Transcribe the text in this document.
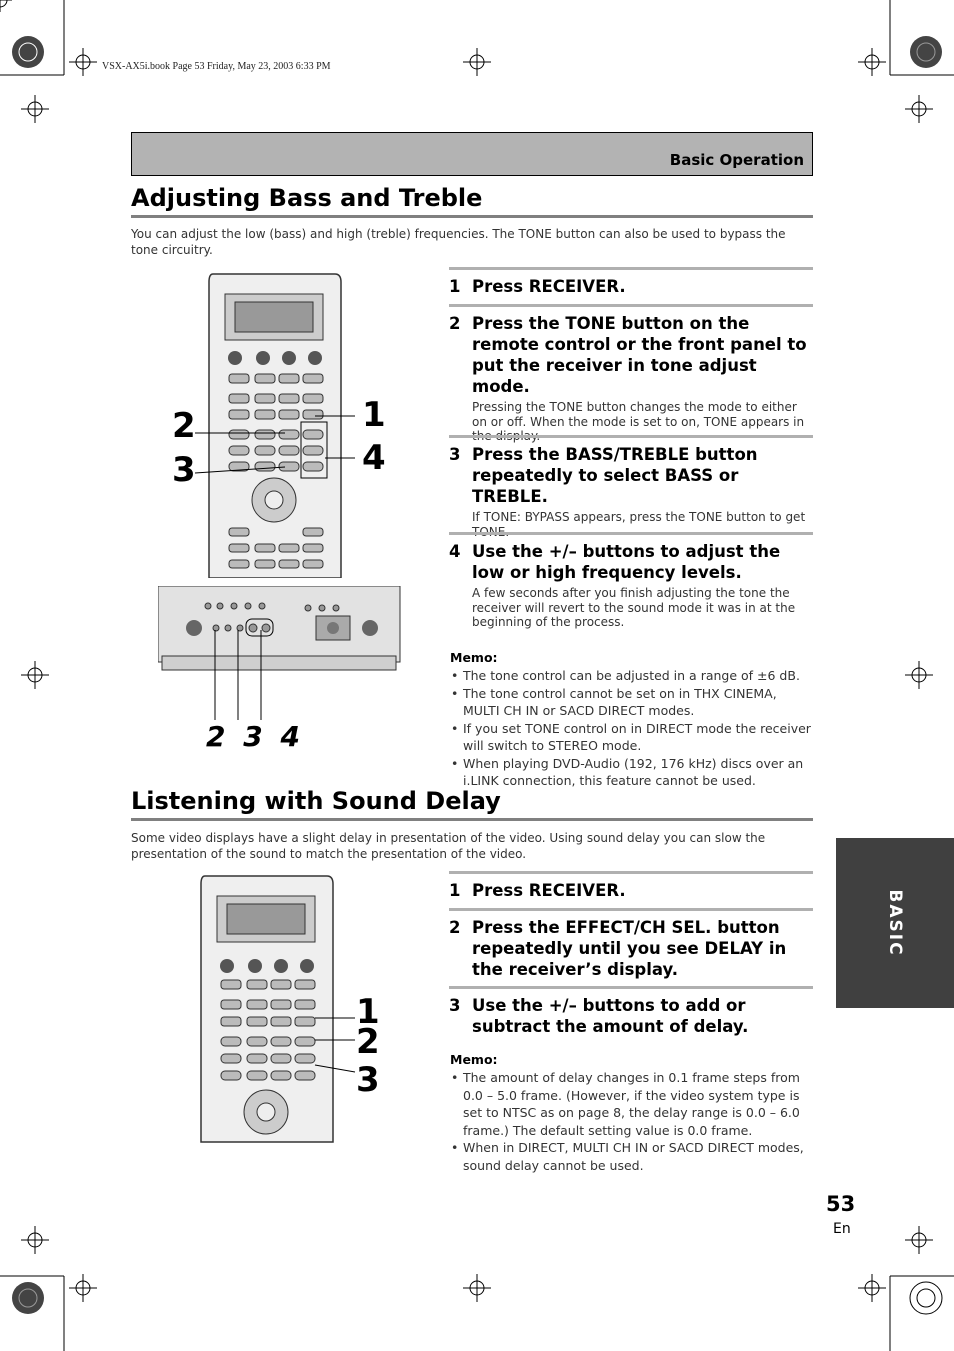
VSX-AX5i.book Page 53 Friday, May 23, 2003 6:33 PM
Basic Operation
Adjusting Bass and Treble
You can adjust the low (bass) and high (treble) frequencies. The TONE button can also be used to bypass the tone circuitry.
2
3
1
4
2 3 4
1 Press RECEIVER.
2 Press the TONE button on the remote control or the front panel to put the receiver in tone adjust mode.
Pressing the TONE button changes the mode to either on or off. When the mode is set to on, TONE appears in the display.
3 Press the BASS/TREBLE button repeatedly to select BASS or TREBLE.
If TONE: BYPASS appears, press the TONE button to get TONE.
4 Use the +/– buttons to adjust the low or high frequency levels.
A few seconds after you finish adjusting the tone the receiver will revert to the sound mode it was in at the beginning of the process.
Memo:
• The tone control can be adjusted in a range of ±6 dB.
• The tone control cannot be set on in THX CINEMA, MULTI CH IN or SACD DIRECT modes.
• If you set TONE control on in DIRECT mode the receiver will switch to STEREO mode.
• When playing DVD-Audio (192, 176 kHz) discs over an i.LINK connection, this feature cannot be used.
Listening with Sound Delay
Some video displays have a slight delay in presentation of the video. Using sound delay you can slow the presentation of the sound to match the presentation of the video.
1
2
3
1 Press RECEIVER.
2 Press the EFFECT/CH SEL. button repeatedly until you see DELAY in the receiver’s display.
3 Use the +/– buttons to add or subtract the amount of delay.
Memo:
• The amount of delay changes in 0.1 frame steps from 0.0 – 5.0 frame. (However, if the video system type is set to NTSC as on page 8, the delay range is 0.0 – 6.0 frame.) The default setting value is 0.0 frame.
• When in DIRECT, MULTI CH IN or SACD DIRECT modes, sound delay cannot be used.
BASIC
53
En
